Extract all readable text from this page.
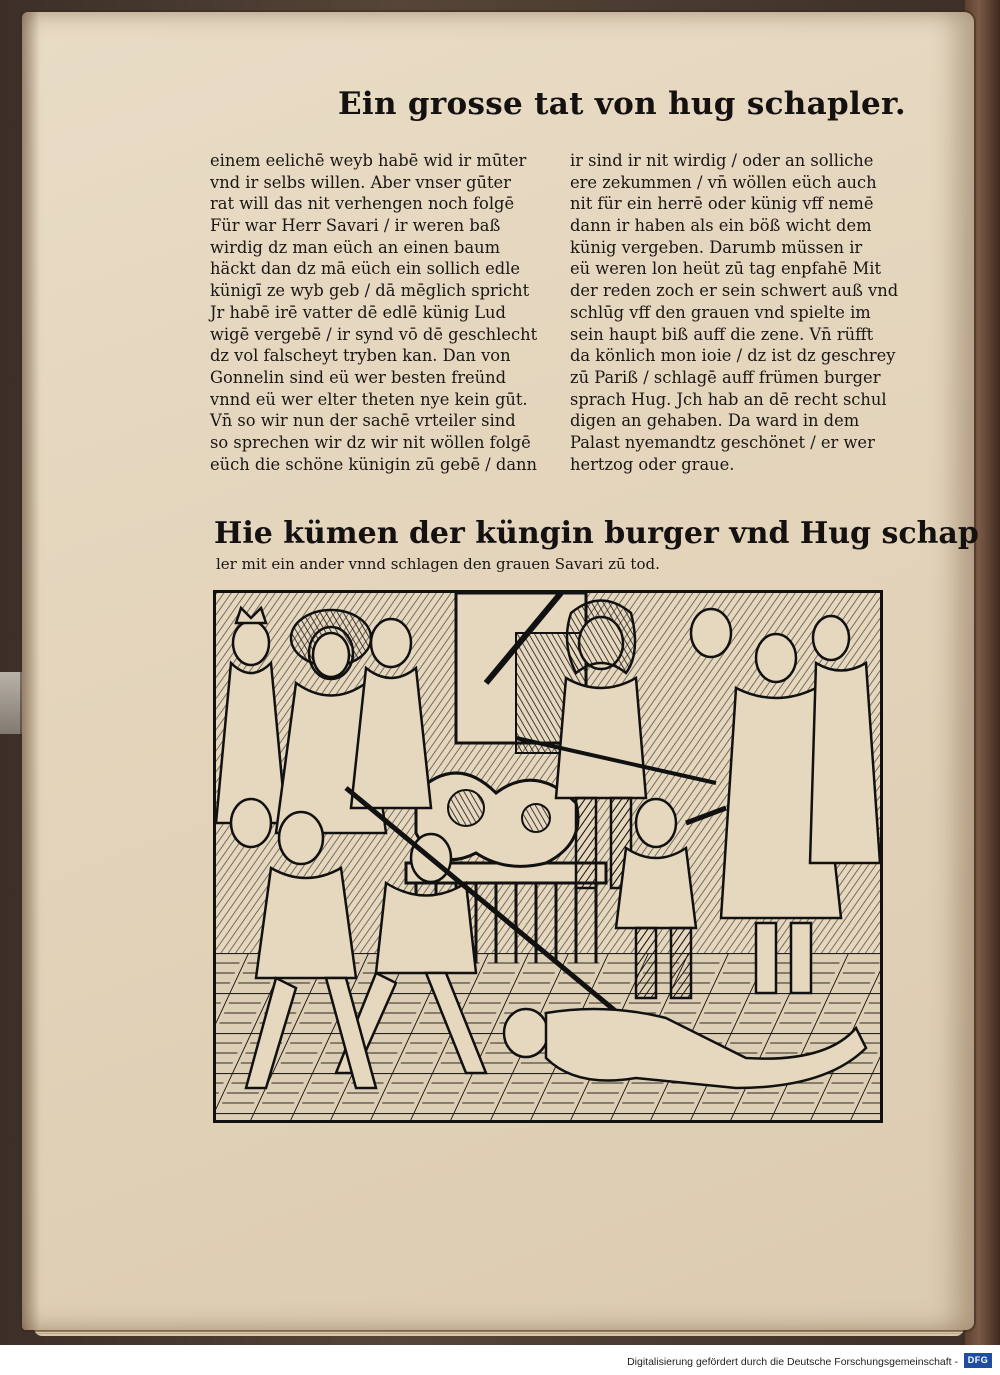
Ein grosse tat von hug schapler.
einem eelichē weyb habē wid ir mūter
vnd ir selbs willen. Aber vnser gūter
rat will das nit verhengen noch folgē
Für war Herr Savari / ir weren baß
wirdig dz man eüch an einen baum
häckt dan dz mā eüch ein sollich edle
künigī ze wyb geb / dā mēglich spricht
Jr habē irē vatter dē edlē künig Lud
wigē vergebē / ir synd vō dē geschlecht
dz vol falscheyt tryben kan. Dan von
Gonnelin sind eü wer besten freünd
vnnd eü wer elter theten nye kein gūt.
Vn̄ so wir nun der sachē vrteiler sind
so sprechen wir dz wir nit wöllen folgē
eüch die schöne künigin zū gebē / dann
ir sind ir nit wirdig / oder an solliche
ere zekummen / vn̄ wöllen eüch auch
nit für ein herrē oder künig vff nemē
dann ir haben als ein böß wicht dem
künig vergeben. Darumb müssen ir
eü weren lon heüt zū tag enpfahē Mit
der reden zoch er sein schwert auß vnd
schlūg vff den grauen vnd spielte im
sein haupt biß auff die zene. Vn̄ rüfft
da könlich mon ioie / dz ist dz geschrey
zū Pariß / schlagē auff frümen burger
sprach Hug. Jch hab an dē recht schul
digen an gehaben. Da ward in dem
Palast nyemandtz geschönet / er wer
hertzog oder graue.
Hie kümen der küngin burger vnd Hug schap
ler mit ein ander vnnd schlagen den grauen Savari zū tod.
Digitalisierung gefördert durch die Deutsche Forschungsgemeinschaft -	DFG
